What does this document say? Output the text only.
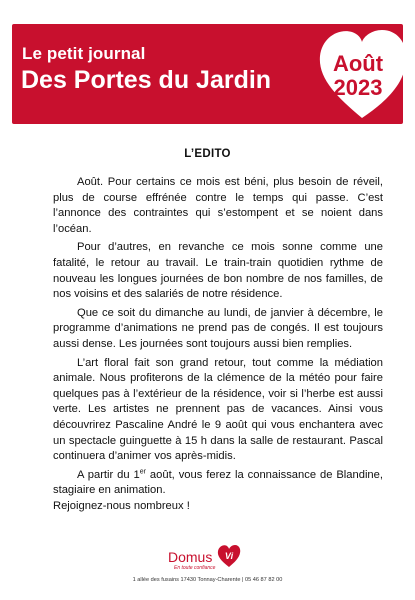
Le petit journal
Des Portes du Jardin
Août
2023
L’EDITO

Août. Pour certains ce mois est béni, plus besoin de réveil, plus de course effrénée contre le temps qui passe. C’est l’annonce des contraintes qui s’estompent et se noient dans l’océan.

Pour d’autres, en revanche ce mois sonne comme une fatalité, le retour au travail. Le train-train quotidien rythme de nouveau les longues journées de bon nombre de nos familles, de nos voisins et des salariés de notre résidence.

Que ce soit du dimanche au lundi, de janvier à décembre, le programme d’animations ne prend pas de congés. Il est toujours aussi dense. Les journées sont toujours aussi bien remplies.

L’art floral fait son grand retour, tout comme la médiation animale. Nous profiterons de la clémence de la météo pour faire quelques pas à l’extérieur de la résidence, voir si l’herbe est aussi verte. Les artistes ne prennent pas de vacances. Ainsi vous découvrirez Pascaline André le 9 août qui vous enchantera avec un spectacle guinguette à 15 h dans la salle de restaurant. Pascal continuera d’animer vos après-midis.

A partir du 1er août, vous ferez la connaissance de Blandine, stagiaire en animation.

Rejoignez-nous nombreux !

Domus
En toute confiance
Vi
1 allée des fusains 17430 Tonnay-Charente | 05 46 87 82 00
